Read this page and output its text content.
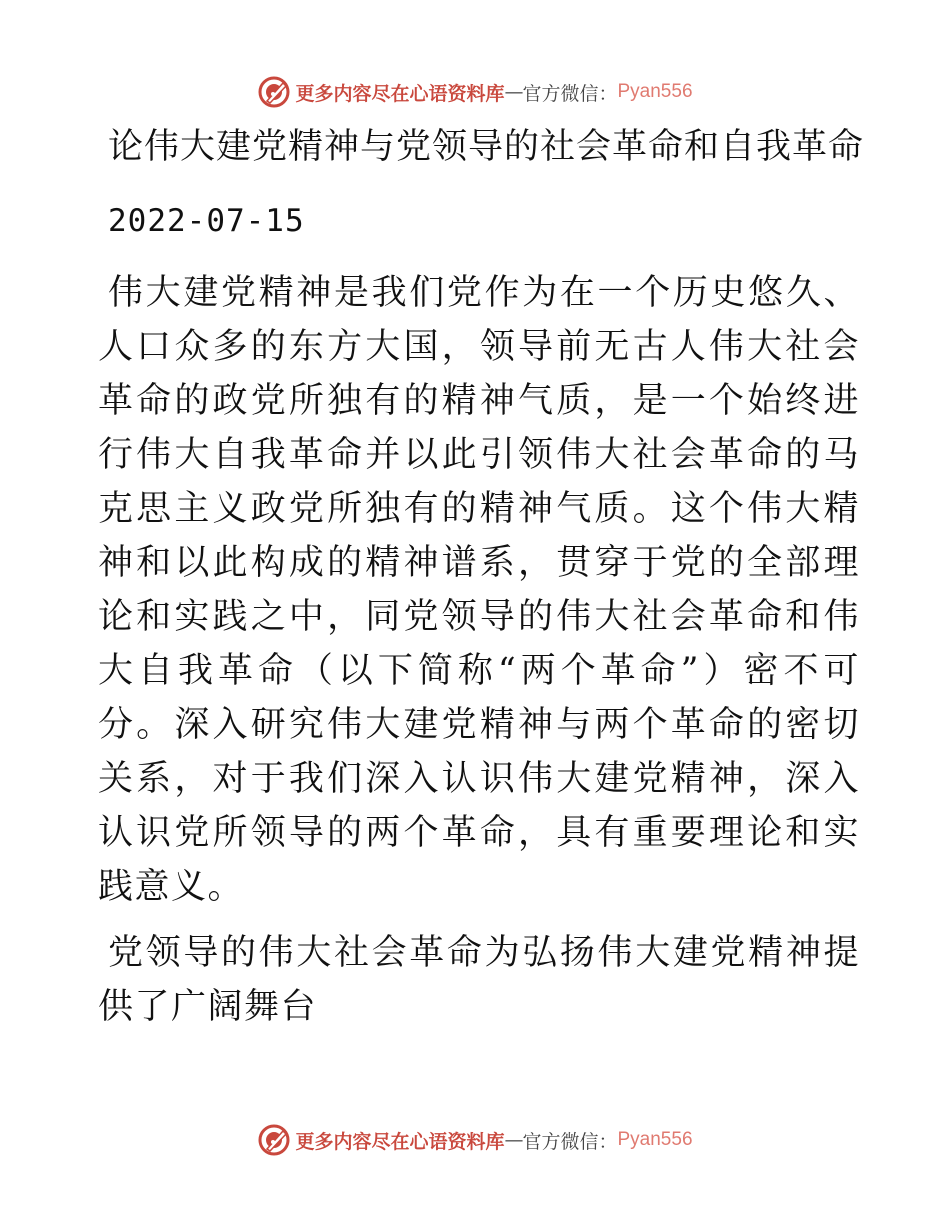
更多内容尽在心语资料库 — 官方微信： Pyan556
论伟大建党精神与党领导的社会革命和自我革命
2022-07-15

伟大建党精神是我们党作为在一个历史悠久、人口众多的东方大国，领导前无古人伟大社会革命的政党所独有的精神气质，是一个始终进行伟大自我革命并以此引领伟大社会革命的马克思主义政党所独有的精神气质。这个伟大精神和以此构成的精神谱系，贯穿于党的全部理论和实践之中，同党领导的伟大社会革命和伟大自我革命（以下简称“两个革命”）密不可分。深入研究伟大建党精神与两个革命的密切关系，对于我们深入认识伟大建党精神，深入认识党所领导的两个革命，具有重要理论和实践意义。

党领导的伟大社会革命为弘扬伟大建党精神提供了广阔舞台

更多内容尽在心语资料库 — 官方微信： Pyan556
